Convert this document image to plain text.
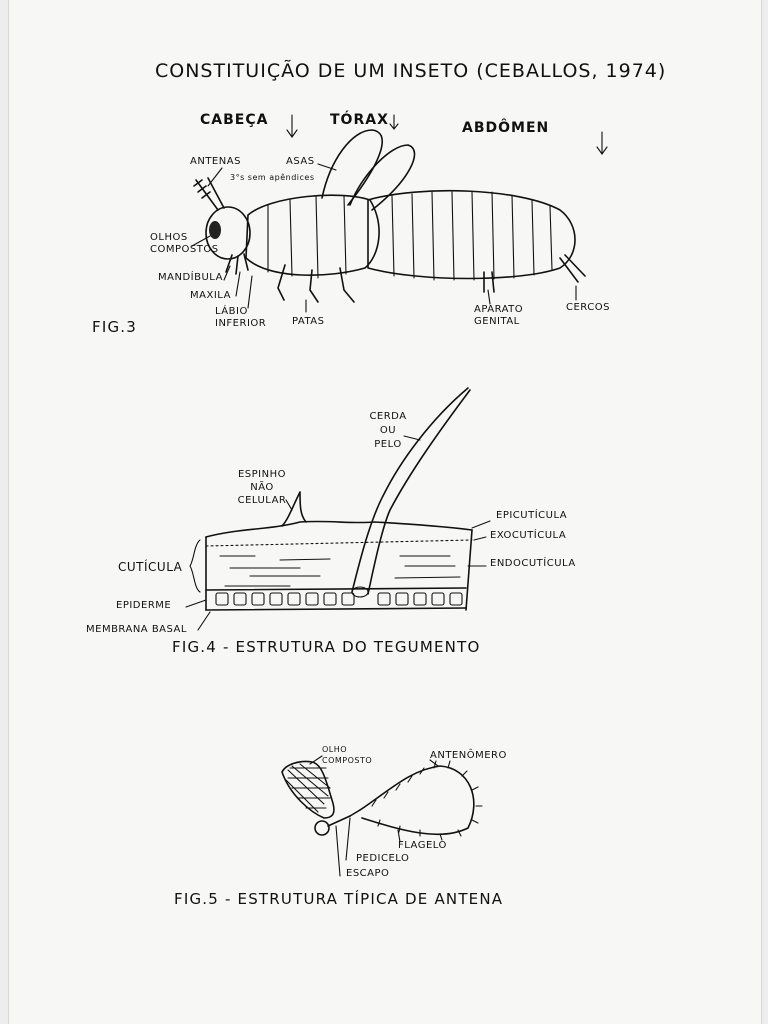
CONSTITUIÇÃO DE UM INSETO (CEBALLOS, 1974)
CABEÇA	TÓRAX	ABDÔMEN
ANTENAS
3°s sem apêndices
ASAS
OLHOS COMPOSTOS
MANDÍBULA
MAXILA
LÁBIO INFERIOR	PATAS
APARATO GENITAL
CERCOS
FIG.3
CERDA OU PELO
ESPINHO NÃO CELULAR
EPICUTÍCULA
EXOCUTÍCULA
ENDOCUTÍCULA
CUTÍCULA
EPIDERME
MEMBRANA BASAL
FIG.4 - ESTRUTURA DO TEGUMENTO
OLHO COMPOSTO	ANTENÔMERO
FLAGELO
PEDICELO
ESCAPO
FIG.5 - ESTRUTURA TÍPICA DE ANTENA
